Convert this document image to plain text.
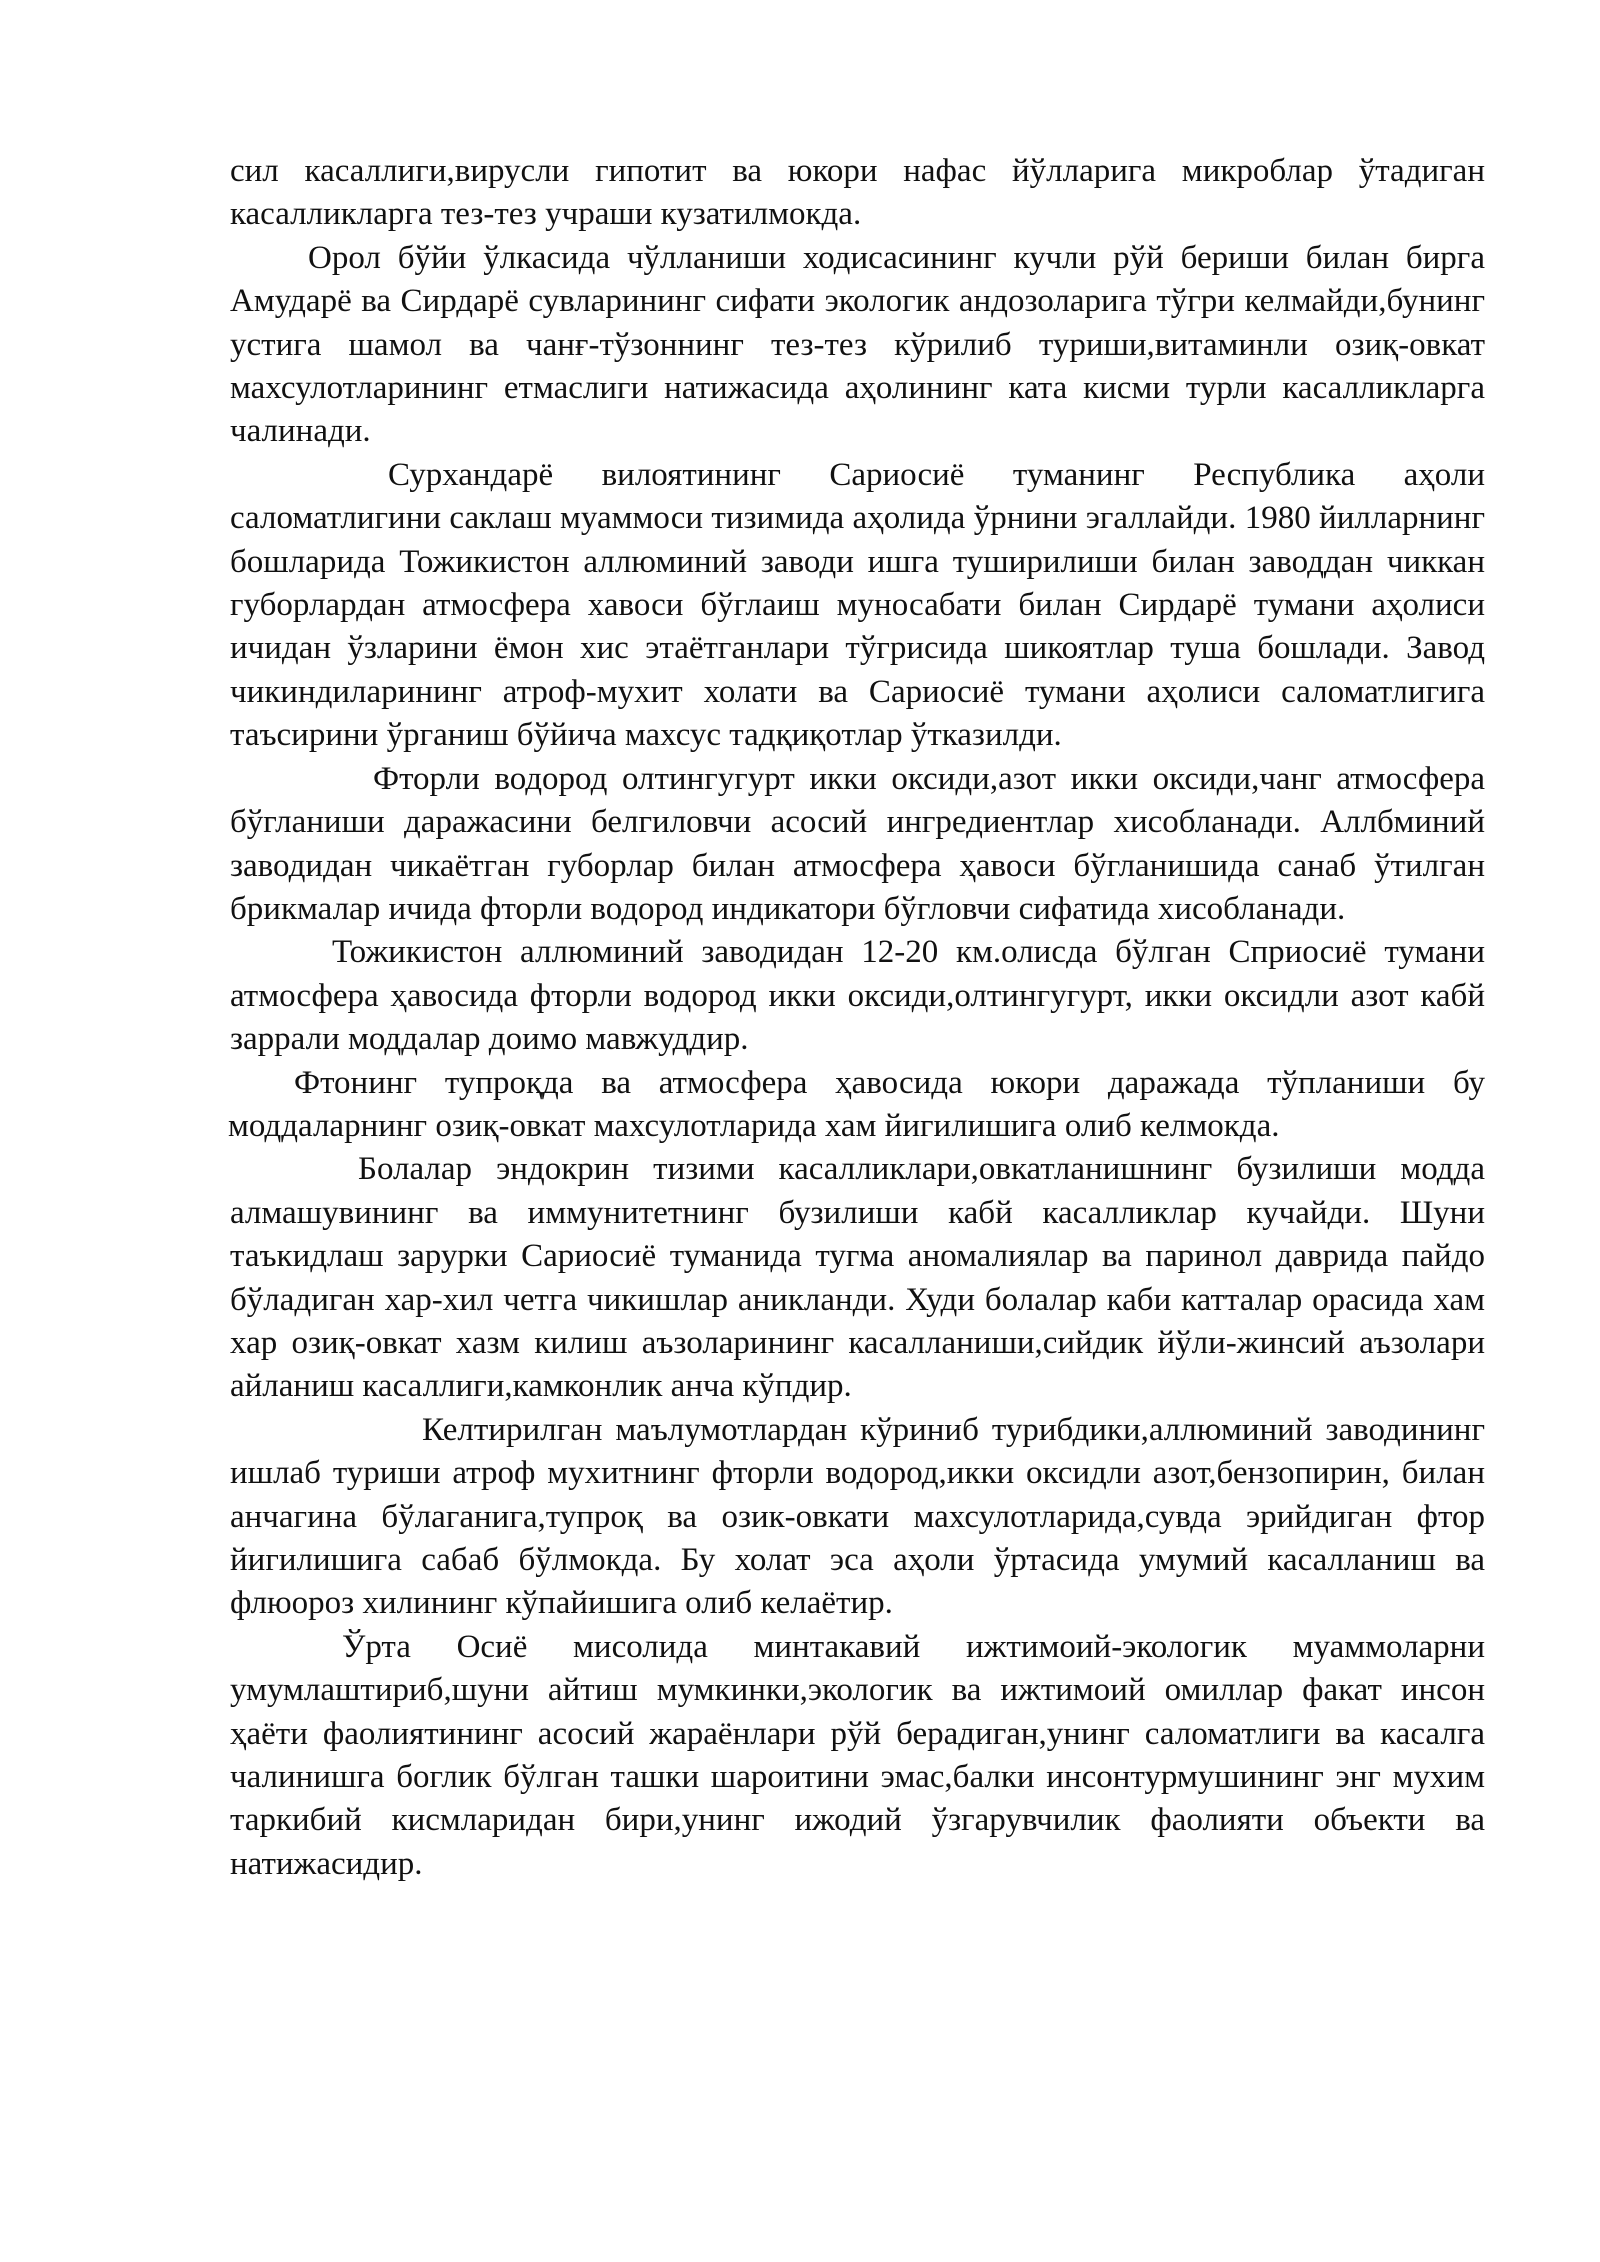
сил касаллиги,вирусли гипотит ва юкори нафас йўлларига микроблар ўтадиган касалликларга тез-тез учраши кузатилмокда.

Орол бўйи ўлкасида чўлланиши ходисасининг кучли рўй бериши билан бирга Амударё ва Сирдарё сувларининг сифати экологик андозоларига тўгри келмайди,бунинг устига шамол ва чанғ-тўзоннинг тез-тез кўрилиб туриши,витаминли озиқ-овкат махсулотларининг етмаслиги натижасида аҳолининг ката кисми турли касалликларга чалинади.

Сурхандарё вилоятининг Сариосиё туманинг Республика аҳоли саломатлигини саклаш муаммоси тизимида аҳолида ўрнини эгаллайди. 1980 йилларнинг бошларида Тожикистон аллюминий заводи ишга туширилиши билан заводдан чиккан губорлардан атмосфера хавоси бўглаиш муносабати билан Сирдарё тумани аҳолиси ичидан ўзларини ёмон хис этаётганлари тўгрисида шикоятлар туша бошлади. Завод чикиндиларининг атроф-мухит холати ва Сариосиё тумани аҳолиси саломатлигига таъсирини ўрганиш бўйича махсус тадқиқотлар ўтказилди.

Фторли водород олтингугурт икки оксиди,азот икки оксиди,чанг атмосфера бўгланиши даражасини белгиловчи асосий ингредиентлар хисобланади. Аллбминий заводидан чикаётган губорлар билан атмосфера ҳавоси бўгланишида санаб ўтилган брикмалар ичида фторли водород индикатори бўгловчи сифатида хисобланади.

Тожикистон аллюминий заводидан 12-20 км.олисда бўлган Сприосиё тумани атмосфера ҳавосида фторли водород икки оксиди,олтингугурт, икки оксидли азот кабй заррали моддалар доимо мавжуддир.

Фтонинг тупроқда ва атмосфера ҳавосида юкори даражада тўпланиши бу моддаларнинг озиқ-овкат махсулотларида хам йигилишига олиб келмокда.

Болалар эндокрин тизими касалликлари,овкатланишнинг бузилиши модда алмашувининг ва иммунитетнинг бузилиши кабй касалликлар кучайди. Шуни таъкидлаш зарурки Сариосиё туманида тугма аномалиялар ва паринол даврида пайдо бўладиган хар-хил четга чикишлар аникланди. Худи болалар каби катталар орасида хам хар озиқ-овкат хазм килиш аъзоларининг касалланиши,сийдик йўли-жинсий аъзолари айланиш касаллиги,камконлик анча кўпдир.

Келтирилган маълумотлардан кўриниб турибдики,аллюминий заводининг ишлаб туриши атроф мухитнинг фторли водород,икки оксидли азот,бензопирин, билан анчагина бўлаганига,тупроқ ва озик-овкати махсулотларида,сувда эрийдиган фтор йигилишига сабаб бўлмокда. Бу холат эса аҳоли ўртасида умумий касалланиш ва флюороз хилининг кўпайишига олиб келаётир.

Ўрта Осиё мисолида минтакавий ижтимоий-экологик муаммоларни умумлаштириб,шуни айтиш мумкинки,экологик ва ижтимоий омиллар факат инсон ҳаёти фаолиятининг асосий жараёнлари рўй берадиган,унинг саломатлиги ва касалга чалинишга боглик бўлган ташки шароитини эмас,балки инсонтурмушининг энг мухим таркибий кисмларидан бири,унинг ижодий ўзгарувчилик фаолияти объекти ва натижасидир.
